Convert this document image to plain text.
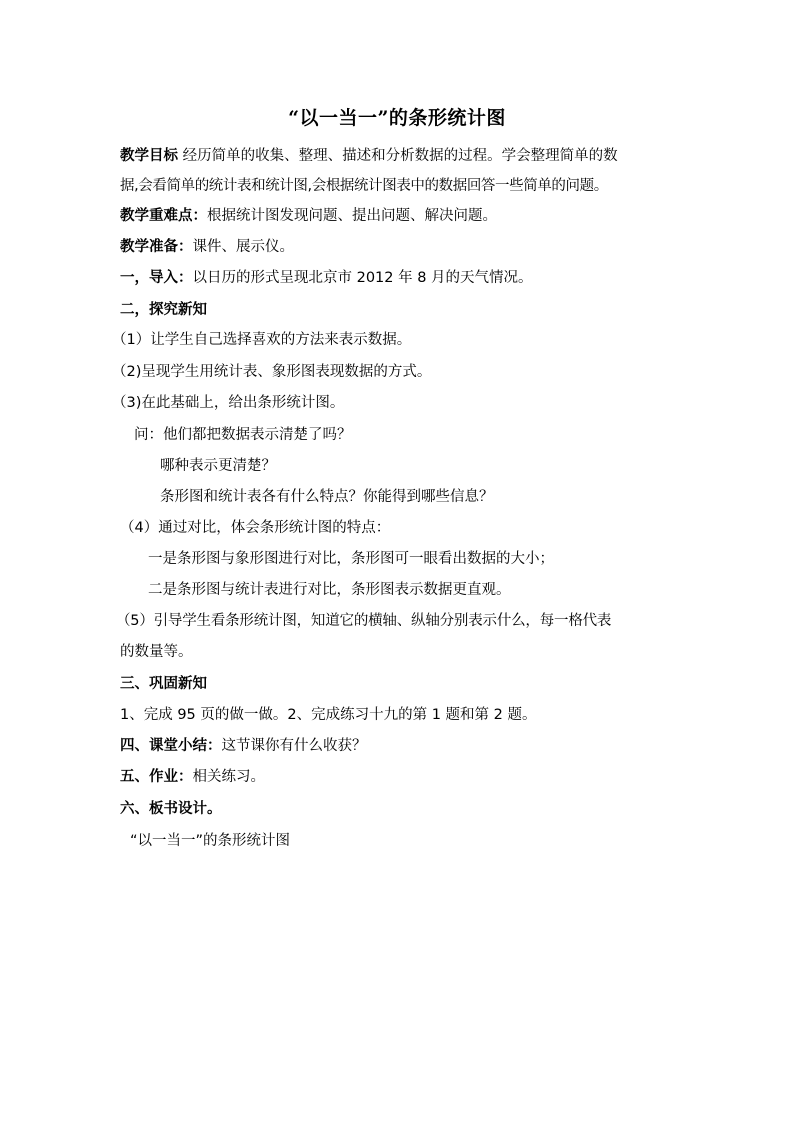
“以一当一”的条形统计图
教学目标 经历简单的收集、整理、描述和分析数据的过程。学会整理简单的数
据,会看简单的统计表和统计图,会根据统计图表中的数据回答一些简单的问题。
教学重难点：根据统计图发现问题、提出问题、解决问题。
教学准备：课件、展示仪。
一，导入：以日历的形式呈现北京市 2012 年 8 月的天气情况。
二，探究新知
（1）让学生自己选择喜欢的方法来表示数据。
（2)呈现学生用统计表、象形图表现数据的方式。
（3)在此基础上，给出条形统计图。
问：他们都把数据表示清楚了吗？
哪种表示更清楚？
条形图和统计表各有什么特点？你能得到哪些信息？
（4）通过对比，体会条形统计图的特点：
一是条形图与象形图进行对比，条形图可一眼看出数据的大小；
二是条形图与统计表进行对比，条形图表示数据更直观。
（5）引导学生看条形统计图，知道它的横轴、纵轴分别表示什么，每一格代表
的数量等。
三、巩固新知
1、完成 95 页的做一做。2、完成练习十九的第 1 题和第 2 题。
四、课堂小结：这节课你有什么收获？
五、作业：相关练习。
六、板书设计。
“以一当一”的条形统计图
